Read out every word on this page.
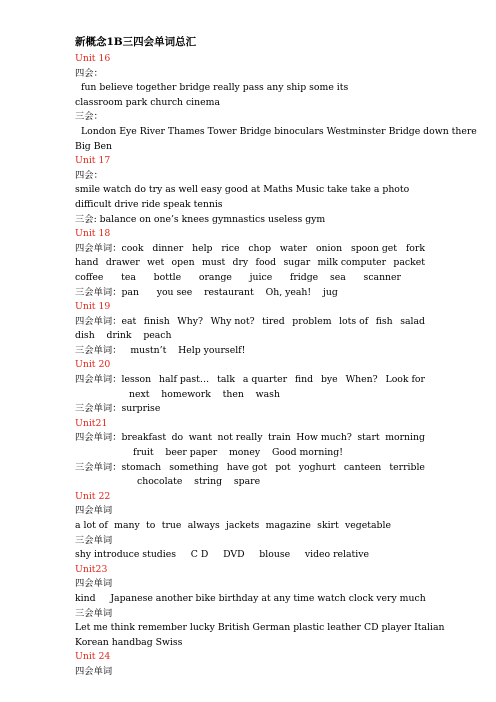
新概念1B三四会单词总汇
Unit 16
四会：
fun believe together bridge really pass any ship some its
classroom park church cinema
三会：
London Eye River Thames Tower Bridge binoculars Westminster Bridge down there
Big Ben
Unit 17
四会：
smile watch do try as well easy good at Maths Music take take a photo
difficult drive ride speak tennis
三会: balance on one’s knees gymnastics useless gym
Unit 18
四会单词：cook dinner help rice chop water onion spoon get fork
hand drawer wet open must dry food sugar milk computer packet
coffee      tea      bottle      orange      juice      fridge    sea      scanner
三会单词：pan      you see    restaurant    Oh, yeah!    jug
Unit 19
四会单词：eat finish Why? Why not? tired problem lots of fish salad
dish    drink    peach
三会单词：   mustn’t    Help yourself!
Unit 20
四会单词：lesson half past… talk a quarter find bye When? Look for
next    homework    then    wash
三会单词：surprise
Unit21
四会单词：breakfast do want not really train How much? start morning
fruit    beer paper    money    Good morning!
三会单词：stomach something have got pot yoghurt canteen terrible
chocolate    string    spare
Unit 22
四会单词
a lot of many to true always jackets magazine skirt vegetable
三会单词
shy introduce studies     C D     DVD     blouse     video relative
Unit23
四会单词
kind     Japanese another bike birthday at any time watch clock very much
三会单词
Let me think remember lucky British German plastic leather CD player Italian
Korean handbag Swiss
Unit 24
四会单词
